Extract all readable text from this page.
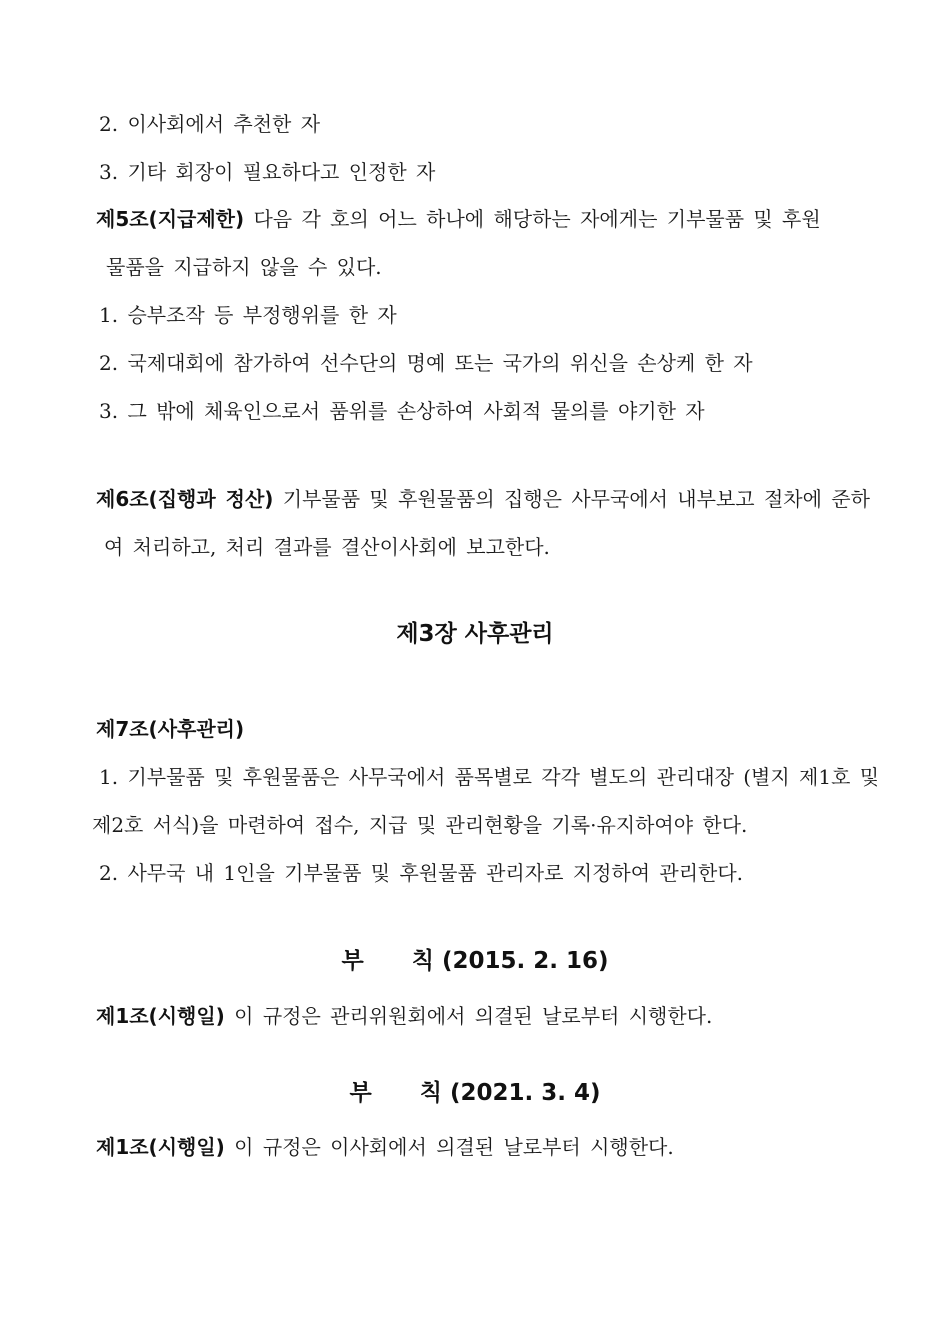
2. 이사회에서 추천한 자
3. 기타 회장이 필요하다고 인정한 자
제5조(지급제한) 다음 각 호의 어느 하나에 해당하는 자에게는 기부물품 및 후원
물품을 지급하지 않을 수 있다.
1. 승부조작 등 부정행위를 한 자
2. 국제대회에 참가하여 선수단의 명예 또는 국가의 위신을 손상케 한 자
3. 그 밖에 체육인으로서 품위를 손상하여 사회적 물의를 야기한 자
제6조(집행과 정산) 기부물품 및 후원물품의 집행은 사무국에서 내부보고 절차에 준하
여 처리하고, 처리 결과를 결산이사회에 보고한다.
제3장 사후관리
제7조(사후관리)
1. 기부물품 및 후원물품은 사무국에서 품목별로 각각 별도의 관리대장 (별지 제1호 및
제2호 서식)을 마련하여 접수, 지급 및 관리현황을 기록·유지하여야 한다.
2. 사무국 내 1인을 기부물품 및 후원물품 관리자로 지정하여 관리한다.
부      칙 (2015. 2. 16)
제1조(시행일) 이 규정은 관리위원회에서 의결된 날로부터 시행한다.
부      칙 (2021. 3. 4)
제1조(시행일) 이 규정은 이사회에서 의결된 날로부터 시행한다.
